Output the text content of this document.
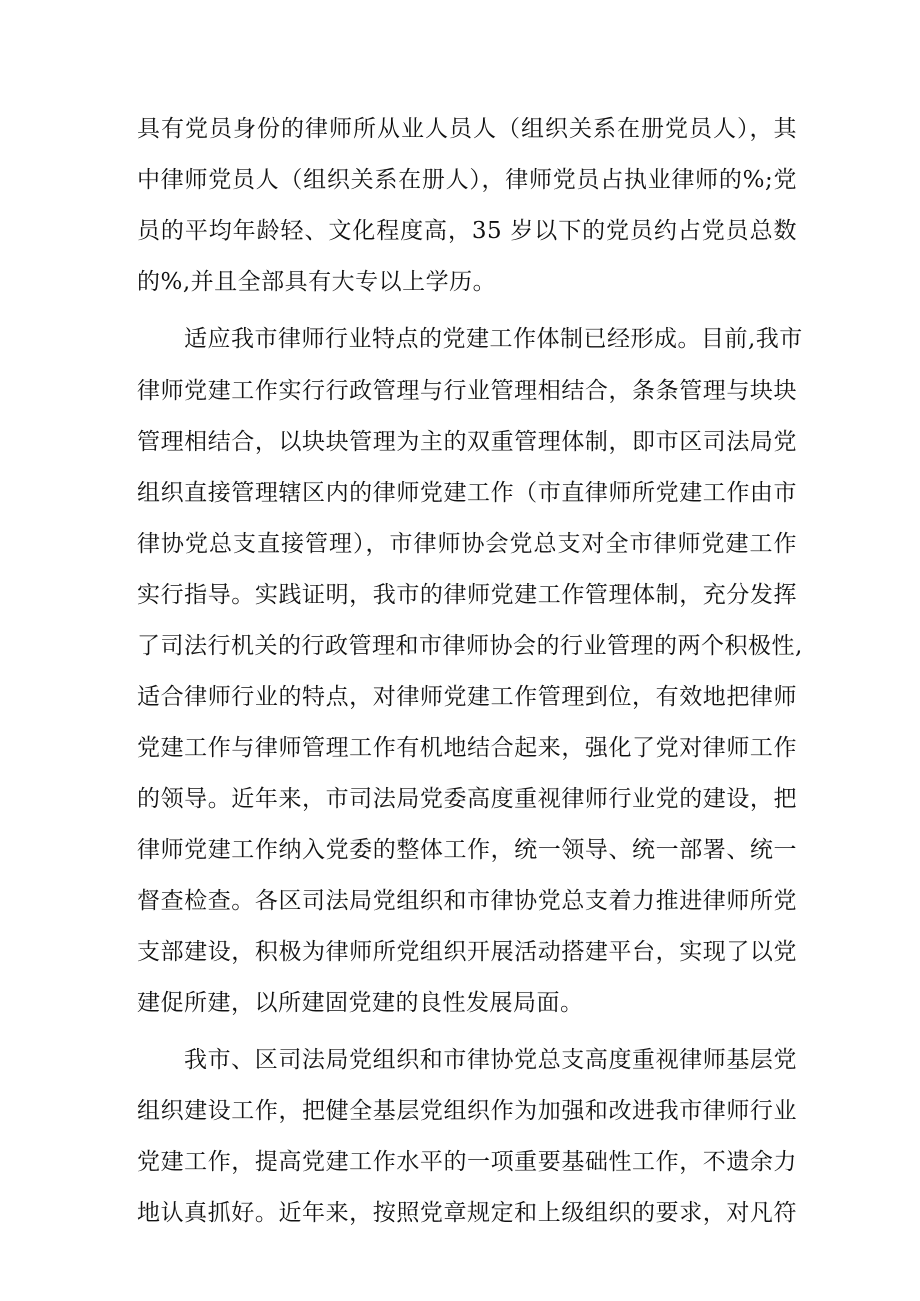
具有党员身份的律师所从业人员人（组织关系在册党员人），其
中律师党员人（组织关系在册人），律师党员占执业律师的%;党
员的平均年龄轻、文化程度高，35 岁以下的党员约占党员总数
的%,并且全部具有大专以上学历。
适应我市律师行业特点的党建工作体制已经形成。目前,我市
律师党建工作实行行政管理与行业管理相结合，条条管理与块块
管理相结合，以块块管理为主的双重管理体制，即市区司法局党
组织直接管理辖区内的律师党建工作（市直律师所党建工作由市
律协党总支直接管理），市律师协会党总支对全市律师党建工作
实行指导。实践证明，我市的律师党建工作管理体制，充分发挥
了司法行机关的行政管理和市律师协会的行业管理的两个积极性,
适合律师行业的特点，对律师党建工作管理到位，有效地把律师
党建工作与律师管理工作有机地结合起来，强化了党对律师工作
的领导。近年来，市司法局党委高度重视律师行业党的建设，把
律师党建工作纳入党委的整体工作，统一领导、统一部署、统一
督查检查。各区司法局党组织和市律协党总支着力推进律师所党
支部建设，积极为律师所党组织开展活动搭建平台，实现了以党
建促所建，以所建固党建的良性发展局面。
我市、区司法局党组织和市律协党总支高度重视律师基层党
组织建设工作，把健全基层党组织作为加强和改进我市律师行业
党建工作，提高党建工作水平的一项重要基础性工作，不遗余力
地认真抓好。近年来，按照党章规定和上级组织的要求，对凡符
